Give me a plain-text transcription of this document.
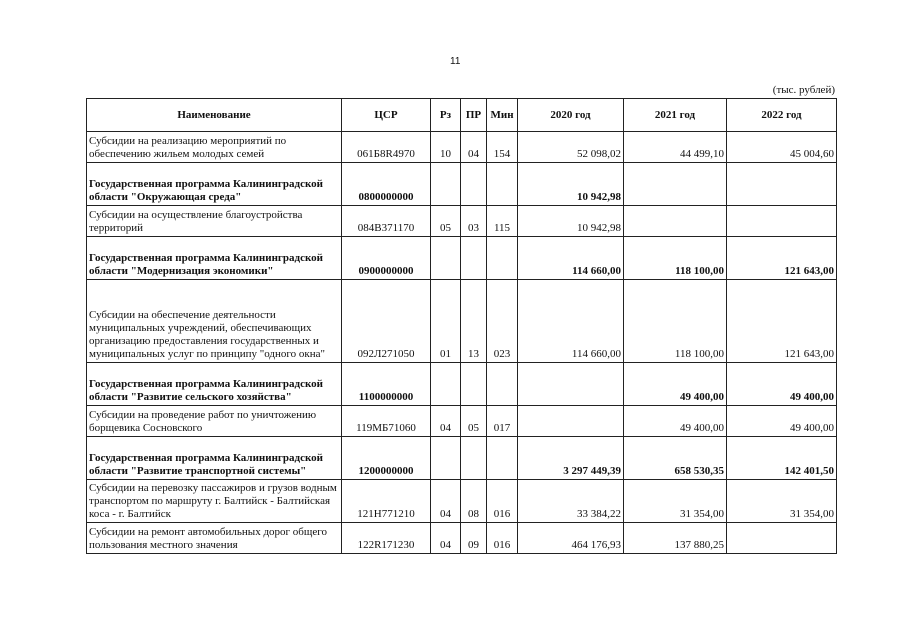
11
(тыс. рублей)
Наименование	ЦСР	Рз	ПР	Мин	2020 год	2021 год	2022 год
Субсидии на реализацию мероприятий по обеспечению жильем молодых семей	061Б8R4970	10	04	154	52 098,02	44 499,10	45 004,60
Государственная программа Калининградской области "Окружающая среда"	0800000000				10 942,98		
Субсидии на осуществление благоустройства территорий	084В371170	05	03	115	10 942,98		
Государственная программа Калининградской области "Модернизация экономики"	0900000000				114 660,00	118 100,00	121 643,00
Субсидии на обеспечение деятельности муниципальных учреждений, обеспечивающих организацию предоставления государственных и муниципальных услуг по принципу "одного окна"	092Л271050	01	13	023	114 660,00	118 100,00	121 643,00
Государственная программа Калининградской области "Развитие сельского хозяйства"	1100000000					49 400,00	49 400,00
Субсидии на проведение работ по уничтожению борщевика Сосновского	119МБ71060	04	05	017		49 400,00	49 400,00
Государственная программа Калининградской области "Развитие транспортной системы"	1200000000				3 297 449,39	658 530,35	142 401,50
Субсидии на перевозку пассажиров и грузов водным транспортом по маршруту г. Балтийск - Балтийская коса - г. Балтийск	121Н771210	04	08	016	33 384,22	31 354,00	31 354,00
Субсидии на ремонт автомобильных дорог общего пользования местного значения	122R171230	04	09	016	464 176,93	137 880,25	
